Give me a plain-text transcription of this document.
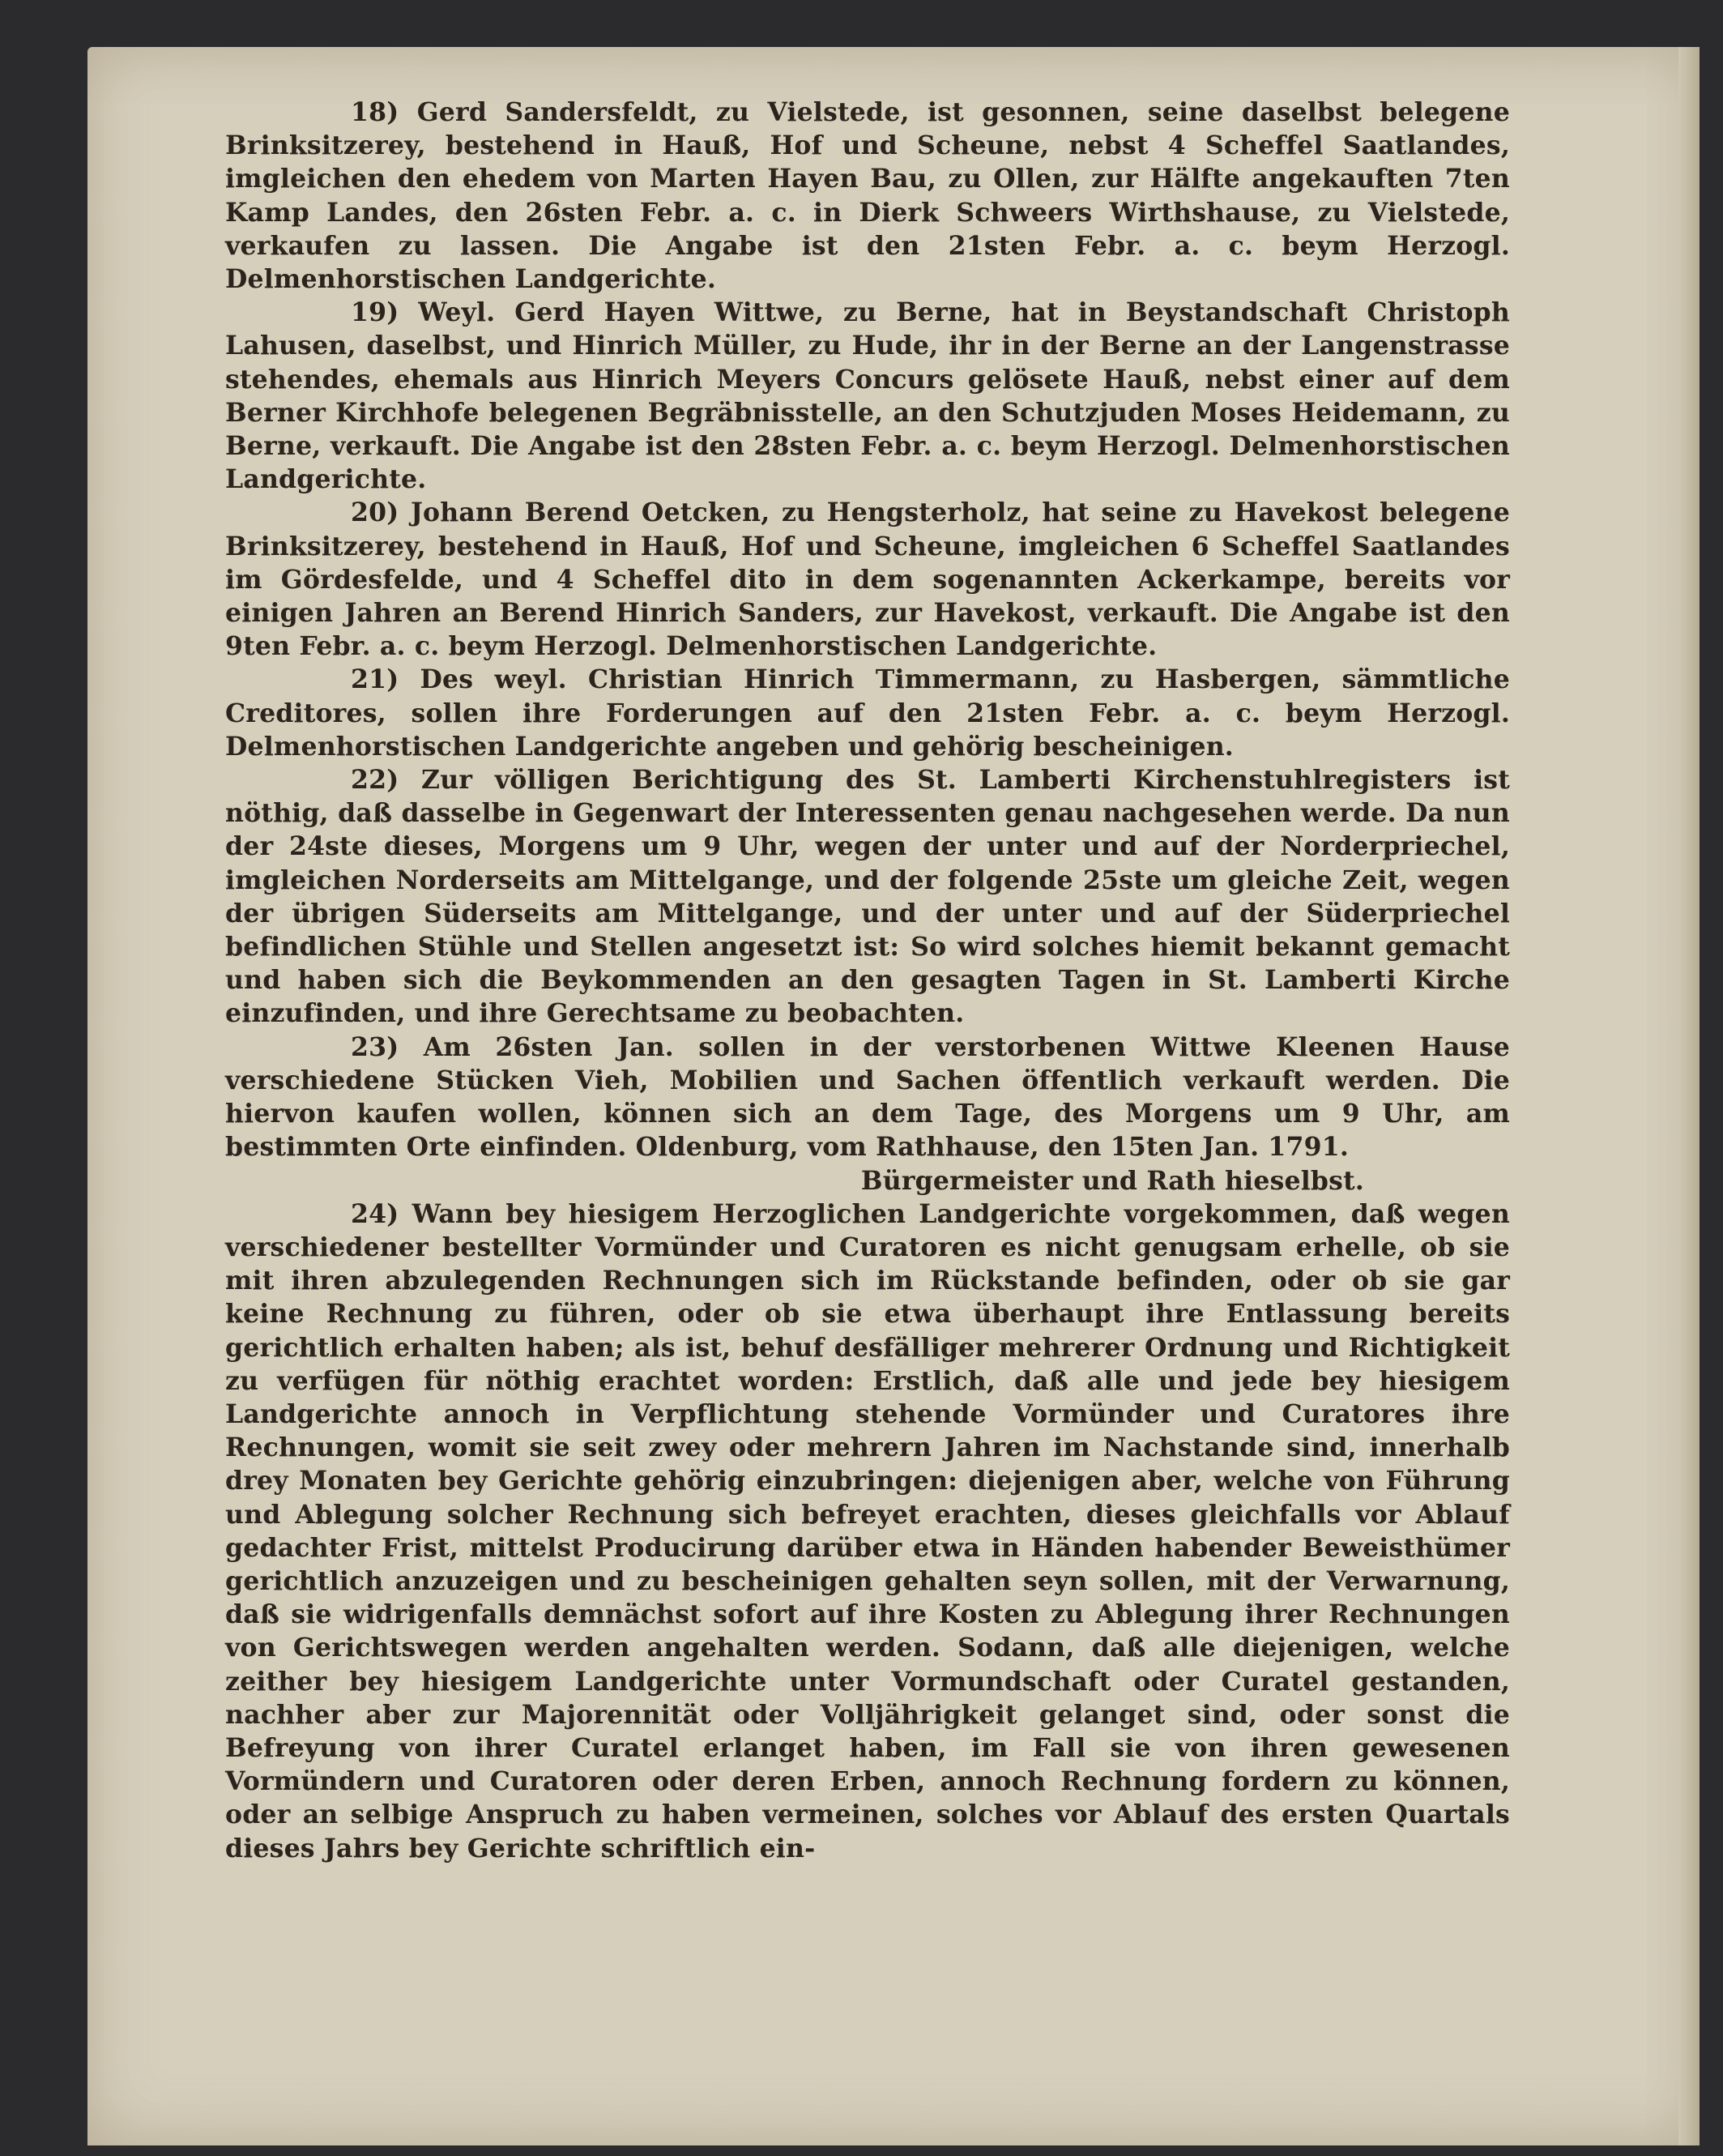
18) Gerd Sandersfeldt, zu Vielstede, ist gesonnen, seine daselbst belegene Brinksitzerey, bestehend in Hauß, Hof und Scheune, nebst 4 Scheffel Saatlandes, imgleichen den ehedem von Marten Hayen Bau, zu Ollen, zur Hälfte angekauften 7ten Kamp Landes, den 26sten Febr. a. c. in Dierk Schweers Wirthshause, zu Vielstede, verkaufen zu lassen. Die Angabe ist den 21sten Febr. a. c. beym Herzogl. Delmenhorstischen Landgerichte.

19) Weyl. Gerd Hayen Wittwe, zu Berne, hat in Beystandschaft Christoph Lahusen, daselbst, und Hinrich Müller, zu Hude, ihr in der Berne an der Langenstrasse stehendes, ehemals aus Hinrich Meyers Concurs gelösete Hauß, nebst einer auf dem Berner Kirchhofe belegenen Begräbnisstelle, an den Schutzjuden Moses Heidemann, zu Berne, verkauft. Die Angabe ist den 28sten Febr. a. c. beym Herzogl. Delmenhorstischen Landgerichte.

20) Johann Berend Oetcken, zu Hengsterholz, hat seine zu Havekost belegene Brinksitzerey, bestehend in Hauß, Hof und Scheune, imgleichen 6 Scheffel Saatlandes im Gördesfelde, und 4 Scheffel dito in dem sogenannten Ackerkampe, bereits vor einigen Jahren an Berend Hinrich Sanders, zur Havekost, verkauft. Die Angabe ist den 9ten Febr. a. c. beym Herzogl. Delmenhorstischen Landgerichte.

21) Des weyl. Christian Hinrich Timmermann, zu Hasbergen, sämmtliche Creditores, sollen ihre Forderungen auf den 21sten Febr. a. c. beym Herzogl. Delmenhorstischen Landgerichte angeben und gehörig bescheinigen.

22) Zur völligen Berichtigung des St. Lamberti Kirchenstuhlregisters ist nöthig, daß dasselbe in Gegenwart der Interessenten genau nachgesehen werde. Da nun der 24ste dieses, Morgens um 9 Uhr, wegen der unter und auf der Norderpriechel, imgleichen Norderseits am Mittelgange, und der folgende 25ste um gleiche Zeit, wegen der übrigen Süderseits am Mittelgange, und der unter und auf der Süderpriechel befindlichen Stühle und Stellen angesetzt ist: So wird solches hiemit bekannt gemacht und haben sich die Beykommenden an den gesagten Tagen in St. Lamberti Kirche einzufinden, und ihre Gerechtsame zu beobachten.

23) Am 26sten Jan. sollen in der verstorbenen Wittwe Kleenen Hause verschiedene Stücken Vieh, Mobilien und Sachen öffentlich verkauft werden. Die hiervon kaufen wollen, können sich an dem Tage, des Morgens um 9 Uhr, am bestimmten Orte einfinden. Oldenburg, vom Rathhause, den 15ten Jan. 1791.

Bürgermeister und Rath hieselbst.

24) Wann bey hiesigem Herzoglichen Landgerichte vorgekommen, daß wegen verschiedener bestellter Vormünder und Curatoren es nicht genugsam erhelle, ob sie mit ihren abzulegenden Rechnungen sich im Rückstande befinden, oder ob sie gar keine Rechnung zu führen, oder ob sie etwa überhaupt ihre Entlassung bereits gerichtlich erhalten haben; als ist, behuf desfälliger mehrerer Ordnung und Richtigkeit zu verfügen für nöthig erachtet worden: Erstlich, daß alle und jede bey hiesigem Landgerichte annoch in Verpflichtung stehende Vormünder und Curatores ihre Rechnungen, womit sie seit zwey oder mehrern Jahren im Nachstande sind, innerhalb drey Monaten bey Gerichte gehörig einzubringen: diejenigen aber, welche von Führung und Ablegung solcher Rechnung sich befreyet erachten, dieses gleichfalls vor Ablauf gedachter Frist, mittelst Producirung darüber etwa in Händen habender Beweisthümer gerichtlich anzuzeigen und zu bescheinigen gehalten seyn sollen, mit der Verwarnung, daß sie widrigenfalls demnächst sofort auf ihre Kosten zu Ablegung ihrer Rechnungen von Gerichtswegen werden angehalten werden. Sodann, daß alle diejenigen, welche zeither bey hiesigem Landgerichte unter Vormundschaft oder Curatel gestanden, nachher aber zur Majorennität oder Volljährigkeit gelanget sind, oder sonst die Befreyung von ihrer Curatel erlanget haben, im Fall sie von ihren gewesenen Vormündern und Curatoren oder deren Erben, annoch Rechnung fordern zu können, oder an selbige Anspruch zu haben vermeinen, solches vor Ablauf des ersten Quartals dieses Jahrs bey Gerichte schriftlich ein-
